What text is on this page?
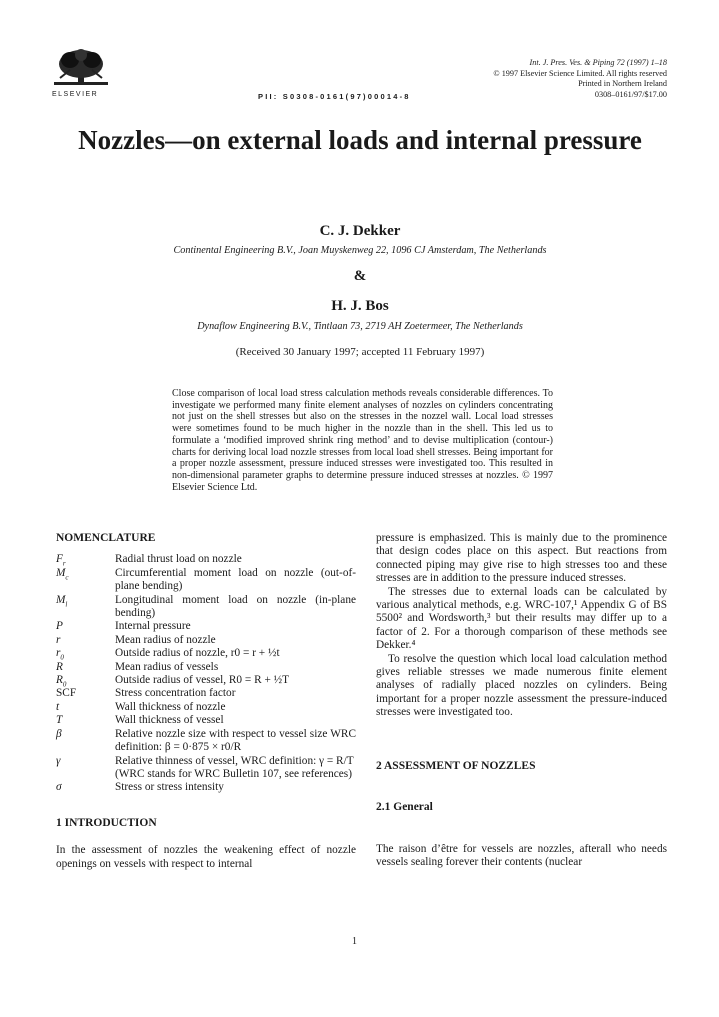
ELSEVIER	PII: S0308-0161(97)00014-8
Int. J. Pres. Ves. & Piping 72 (1997) 1–18
© 1997 Elsevier Science Limited. All rights reserved
Printed in Northern Ireland
0308–0161/97/$17.00
Nozzles—on external loads and internal pressure
C. J. Dekker
Continental Engineering B.V., Joan Muyskenweg 22, 1096 CJ Amsterdam, The Netherlands
&
H. J. Bos
Dynaflow Engineering B.V., Tintlaan 73, 2719 AH Zoetermeer, The Netherlands
(Received 30 January 1997; accepted 11 February 1997)
Close comparison of local load stress calculation methods reveals considerable differences. To investigate we performed many finite element analyses of nozzles on cylinders concentrating not just on the shell stresses but also on the stresses in the nozzel wall. Local load stresses were sometimes found to be much higher in the nozzle than in the shell. This led us to formulate a ‘modified improved shrink ring method’ and to devise multiplication (contour-) charts for deriving local load nozzle stresses from local load shell stresses. Being important for a proper nozzle assessment, pressure induced stresses were investigated too. This resulted in non-dimensional parameter graphs to determine pressure induced stresses at nozzles. © 1997 Elsevier Science Ltd.
NOMENCLATURE
$F_r$	Radial thrust load on nozzle
$M_c$	Circumferential moment load on nozzle (out-of-plane bending)
$M_l$	Longitudinal moment load on nozzle (in-plane bending)
P	Internal pressure
r	Mean radius of nozzle
$r_0$	Outside radius of nozzle, r0 = r + ½t
R	Mean radius of vessels
$R_0$	Outside radius of vessel, R0 = R + ½T
SCF	Stress concentration factor
t	Wall thickness of nozzle
T	Wall thickness of vessel
β	Relative nozzle size with respect to vessel size WRC definition: β = 0·875 × r0/R
γ	Relative thinness of vessel, WRC definition: γ = R/T
(WRC stands for WRC Bulletin 107, see references)
σ	Stress or stress intensity
1 INTRODUCTION
In the assessment of nozzles the weakening effect of nozzle openings on vessels with respect to internal
pressure is emphasized. This is mainly due to the prominence that design codes place on this aspect. But reactions from connected piping may give rise to high stresses too and these stresses are in addition to the pressure induced stresses.
The stresses due to external loads can be calculated by various analytical methods, e.g. WRC-107,¹ Appendix G of BS 5500² and Wordsworth,³ but their results may differ up to a factor of 2. For a thorough comparison of these methods see Dekker.⁴
To resolve the question which local load calculation method gives reliable stresses we made numerous finite element analyses of radially placed nozzles on cylinders. Being important for a proper nozzle assessment the pressure-induced stresses were investigated too.
2 ASSESSMENT OF NOZZLES
2.1 General
The raison d’être for vessels are nozzles, afterall who needs vessels sealing forever their contents (nuclear
1
